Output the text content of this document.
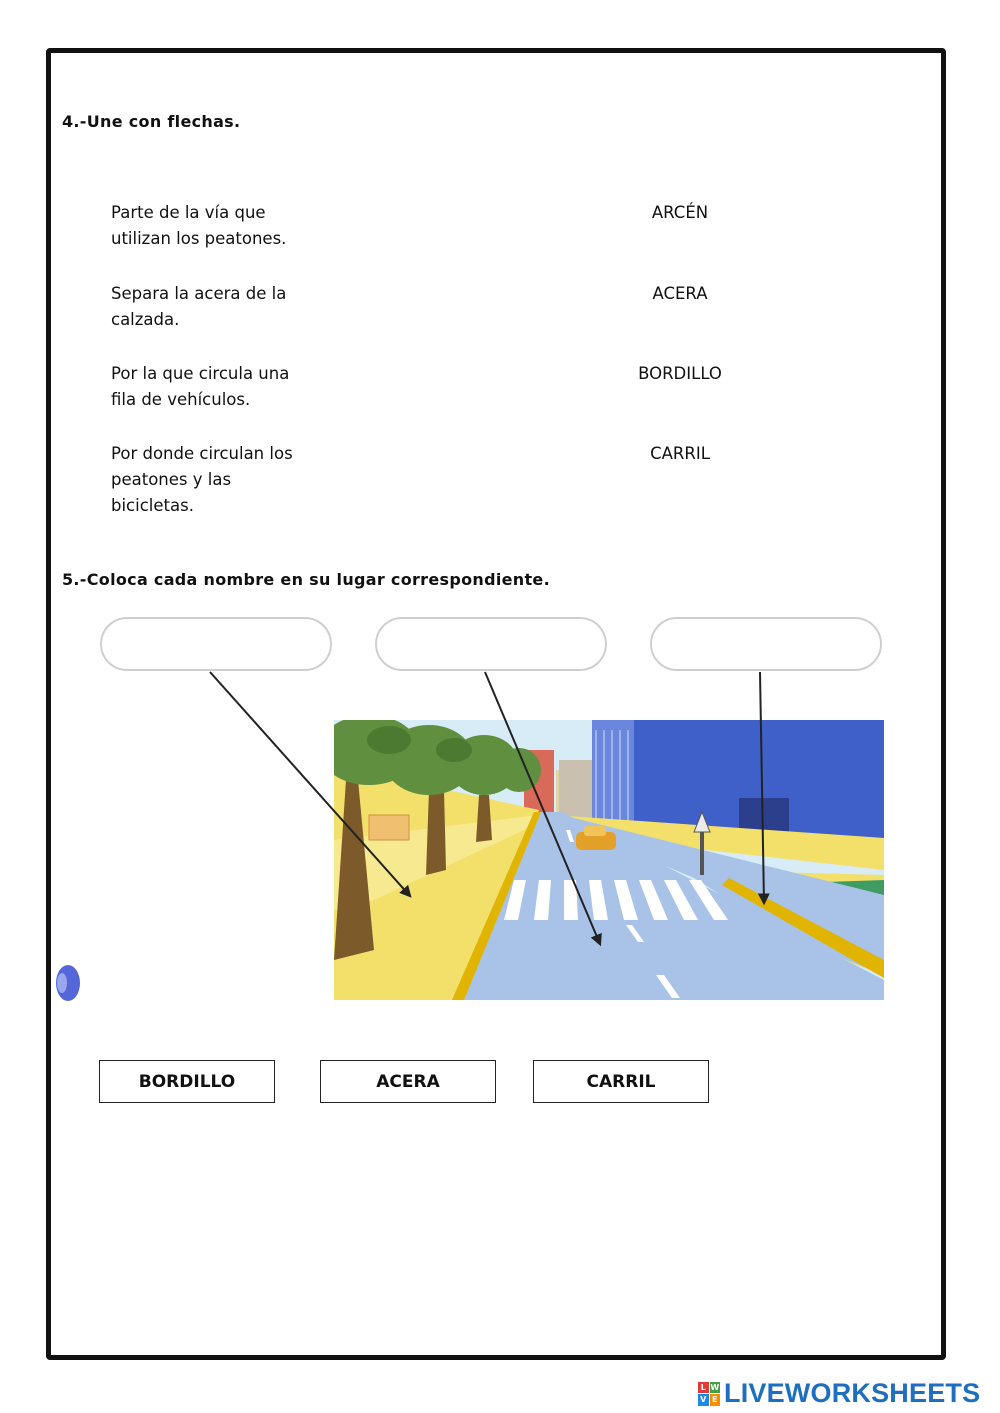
4.-Une con flechas.
Parte de la vía que
utilizan los peatones.
Separa la acera de la
calzada.
Por la que circula una
fila de vehículos.
Por donde circulan los
peatones y las
bicicletas.
ARCÉN
ACERA
BORDILLO
CARRIL
5.-Coloca cada nombre en su lugar correspondiente.
BORDILLO	ACERA	CARRIL
L W
V E LIVEWORKSHEETS
